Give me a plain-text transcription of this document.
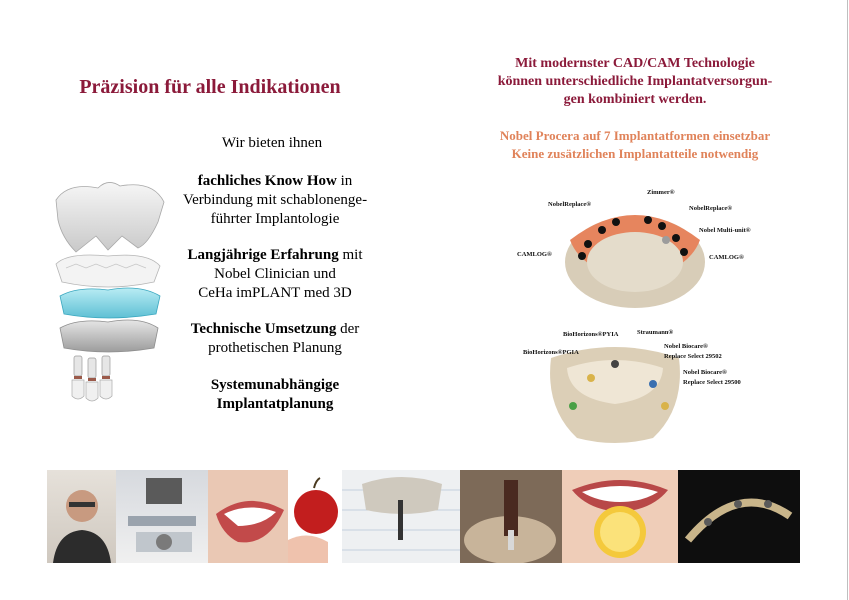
Präzision für alle Indikationen
Wir bieten ihnen
fachliches Know How in
Verbindung mit schablonenge-
führter Implantologie
Langjährige Erfahrung mit
Nobel Clinician und
CeHa imPLANT med 3D
Technische Umsetzung der
prothetischen Planung
Systemunabhängige
Implantatplanung
Mit modernster CAD/CAM Technologie
können unterschiedliche Implantatversorgun-
gen kombiniert werden.
Nobel Procera auf 7 Implantatformen einsetzbar
Keine zusätzlichen Implantatteile notwendig
Zimmer®
NobelReplace®
NobelReplace®
Nobel Multi-unit®
CAMLOG®	CAMLOG®
BioHorizons®PYIA	Straumann®
Nobel Biocare®
Replace Select 29502
BioHorizons®PGIA
Nobel Biocare®
Replace Select 29500
